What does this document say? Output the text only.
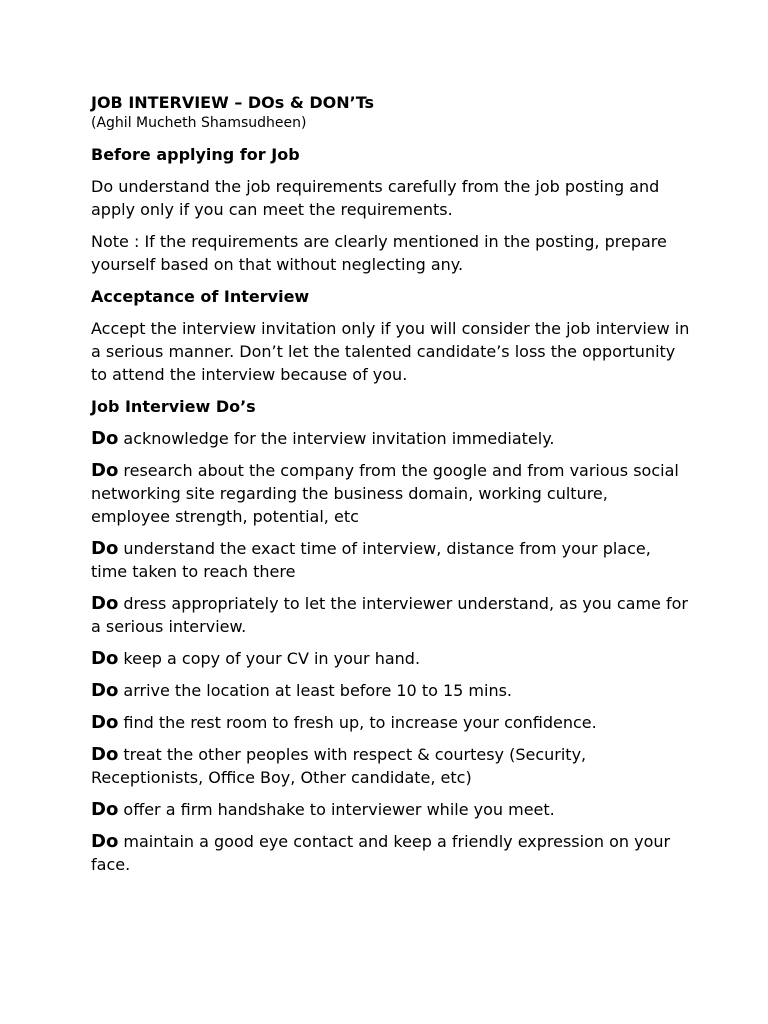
JOB INTERVIEW – DOs & DON’Ts

(Aghil Mucheth Shamsudheen)

Before applying for Job

Do understand the job requirements carefully from the job posting and apply only if you can meet the requirements.

Note : If the requirements are clearly mentioned in the posting, prepare yourself based on that without neglecting any.

Acceptance of Interview

Accept the interview invitation only if you will consider the job interview in a serious manner. Don’t let the talented candidate’s loss the opportunity to attend the interview because of you.

Job Interview Do’s

Do acknowledge for the interview invitation immediately.

Do research about the company from the google and from various social networking site regarding the business domain, working culture, employee strength, potential, etc

Do understand the exact time of interview, distance from your place, time taken to reach there

Do dress appropriately to let the interviewer understand, as you came for a serious interview.

Do keep a copy of your CV in your hand.

Do arrive the location at least before 10 to 15 mins.

Do find the rest room to fresh up, to increase your confidence.

Do treat the other peoples with respect & courtesy (Security, Receptionists, Office Boy, Other candidate, etc)

Do offer a firm handshake to interviewer while you meet.

Do maintain a good eye contact and keep a friendly expression on your face.
